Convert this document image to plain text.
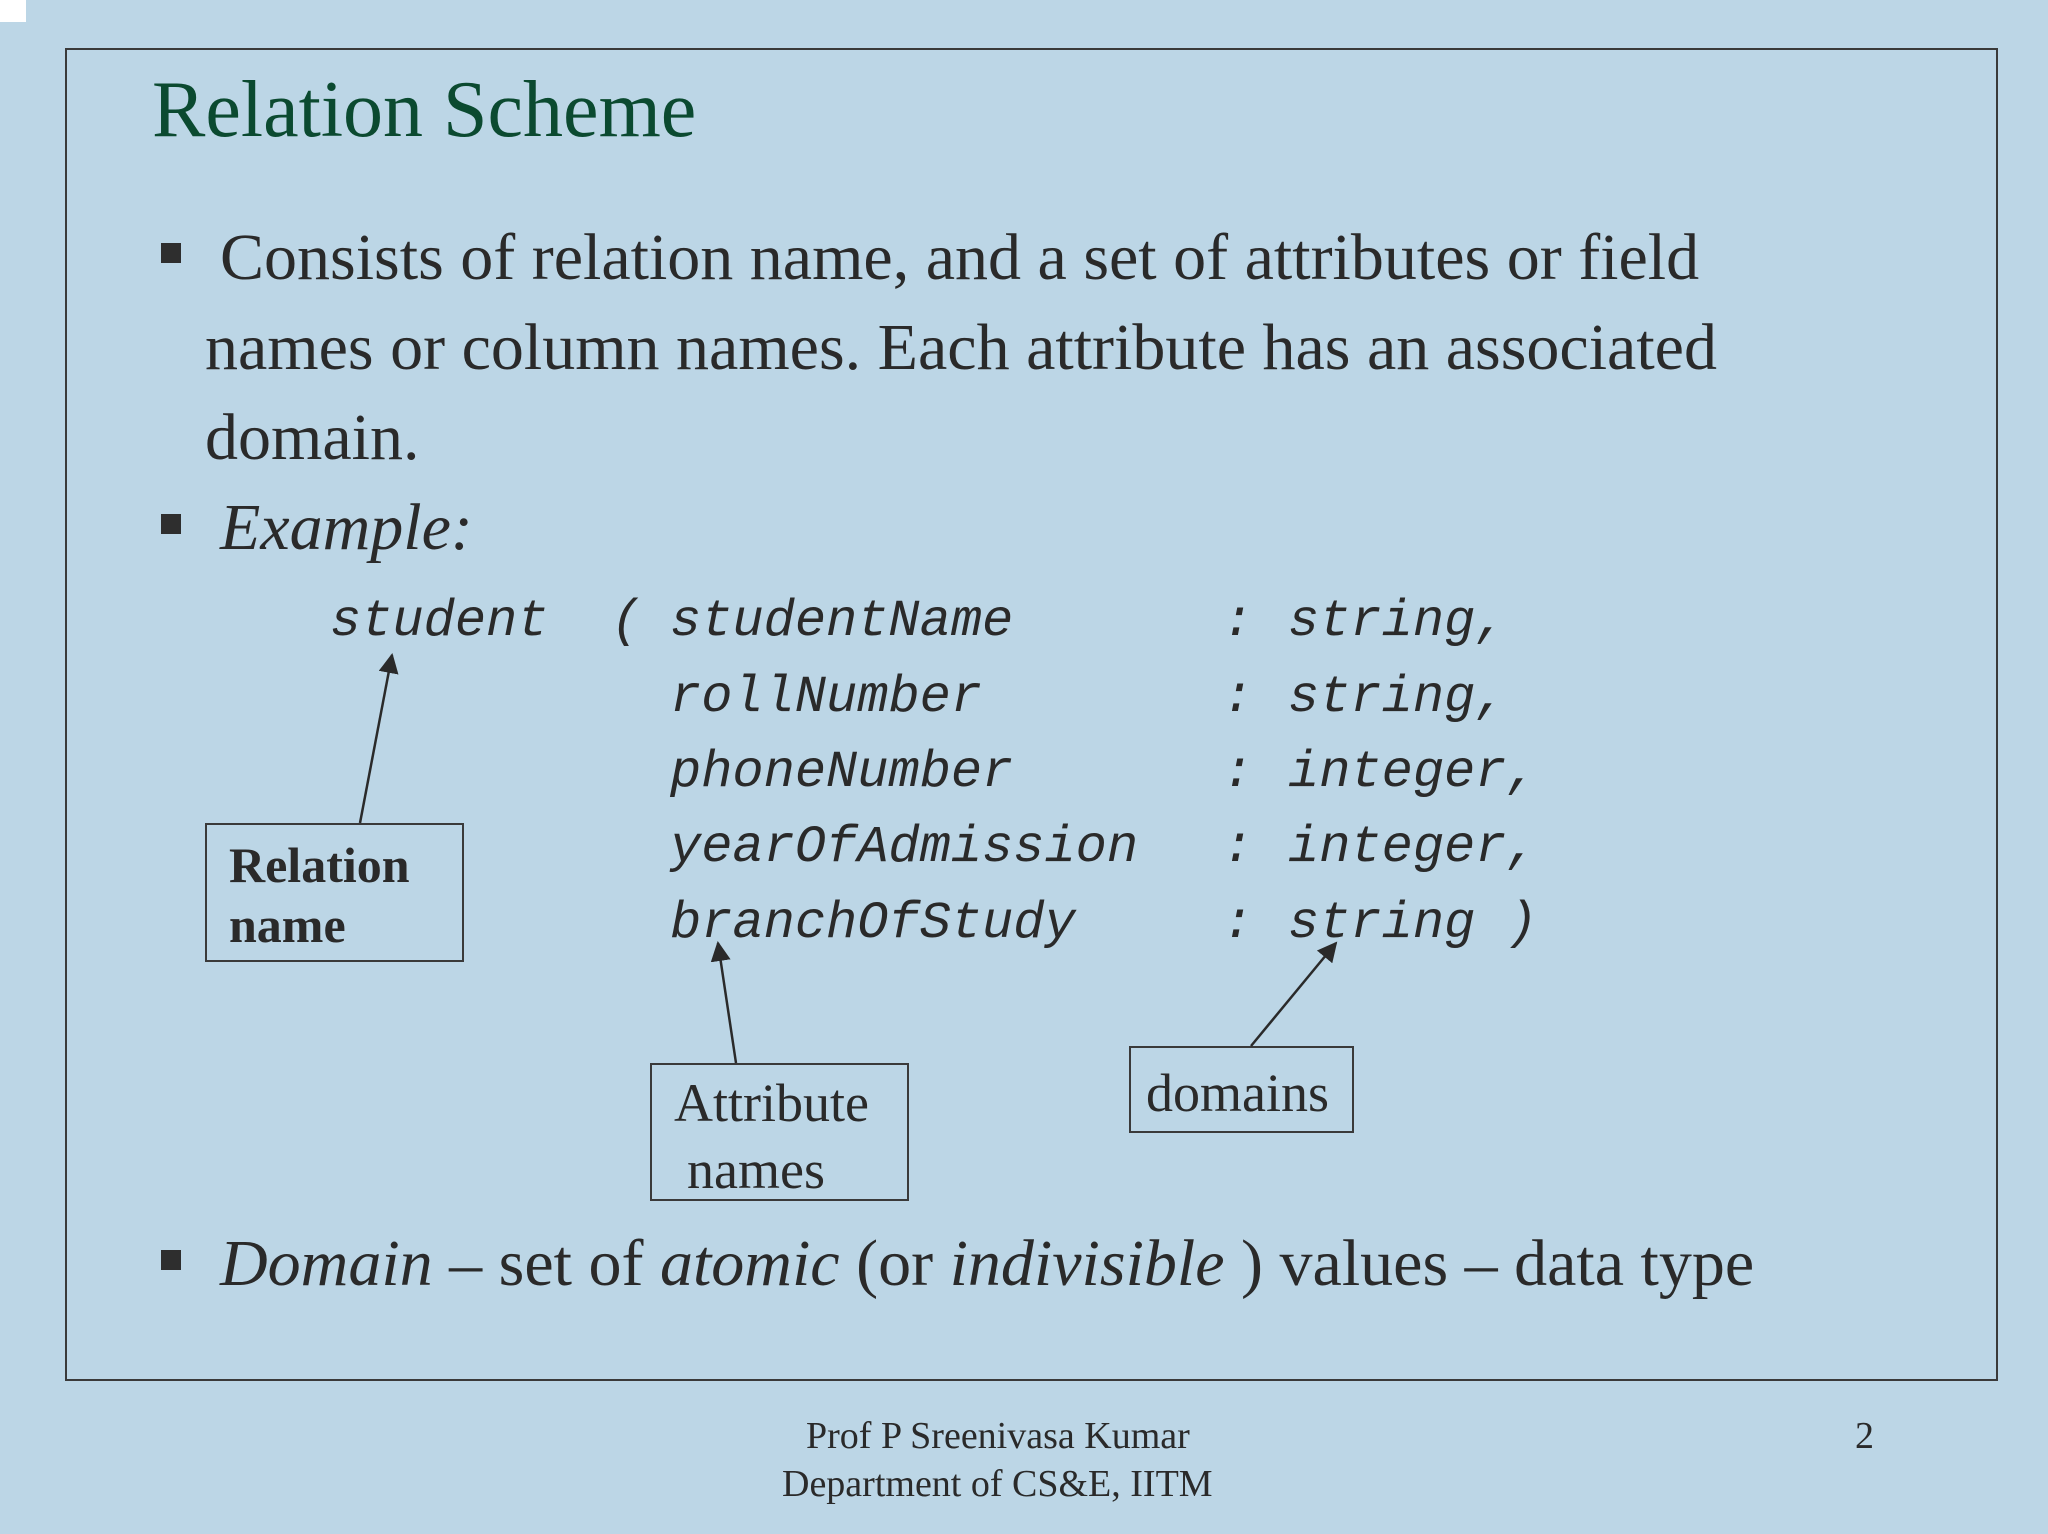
Relation Scheme
Consists of relation name, and a set of attributes or field
names or column names. Each attribute has an associated
domain.
Example:
student ( studentName	: string,
rollNumber	: string,
phoneNumber	: integer,
yearOfAdmission : integer,
branchOfStudy	: string )
Relation
name
Attribute
names
domains
Domain – set of atomic (or indivisible ) values – data type
Prof P Sreenivasa Kumar
Department of CS&E, IITM
2
